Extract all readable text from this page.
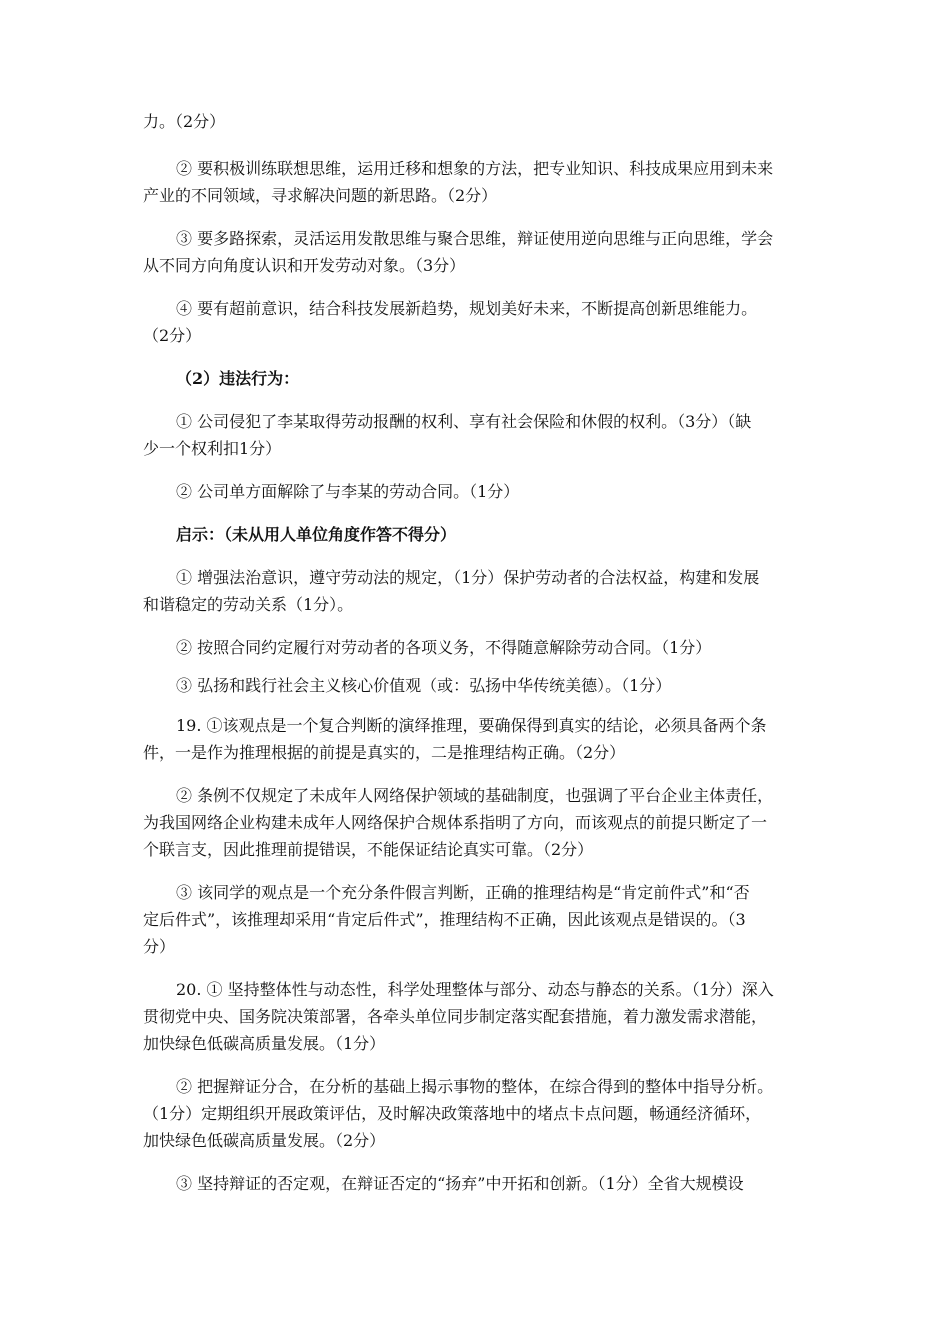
力。（2分）
② 要积极训练联想思维，运用迁移和想象的方法，把专业知识、科技成果应用到未来
产业的不同领域，寻求解决问题的新思路。（2分）
③ 要多路探索，灵活运用发散思维与聚合思维，辩证使用逆向思维与正向思维，学会
从不同方向角度认识和开发劳动对象。（3分）
④ 要有超前意识，结合科技发展新趋势，规划美好未来，不断提高创新思维能力。
（2分）
（2）违法行为：
① 公司侵犯了李某取得劳动报酬的权利、享有社会保险和休假的权利。（3分）（缺
少一个权利扣1分）
② 公司单方面解除了与李某的劳动合同。（1分）
启示：（未从用人单位角度作答不得分）
① 增强法治意识，遵守劳动法的规定，（1分）保护劳动者的合法权益，构建和发展
和谐稳定的劳动关系（1分）。
② 按照合同约定履行对劳动者的各项义务，不得随意解除劳动合同。（1分）
③ 弘扬和践行社会主义核心价值观（或：弘扬中华传统美德）。（1分）
19. ①该观点是一个复合判断的演绎推理，要确保得到真实的结论，必须具备两个条
件，一是作为推理根据的前提是真实的，二是推理结构正确。（2分）
② 条例不仅规定了未成年人网络保护领域的基础制度，也强调了平台企业主体责任，
为我国网络企业构建未成年人网络保护合规体系指明了方向，而该观点的前提只断定了一
个联言支，因此推理前提错误，不能保证结论真实可靠。（2分）
③ 该同学的观点是一个充分条件假言判断，正确的推理结构是“肯定前件式”和“否
定后件式”，该推理却采用“肯定后件式”，推理结构不正确，因此该观点是错误的。（3
分）
20. ① 坚持整体性与动态性，科学处理整体与部分、动态与静态的关系。（1分）深入
贯彻党中央、国务院决策部署，各牵头单位同步制定落实配套措施，着力激发需求潜能，
加快绿色低碳高质量发展。（1分）
② 把握辩证分合，在分析的基础上揭示事物的整体，在综合得到的整体中指导分析。
（1分）定期组织开展政策评估，及时解决政策落地中的堵点卡点问题，畅通经济循环，
加快绿色低碳高质量发展。（2分）
③ 坚持辩证的否定观，在辩证否定的“扬弃”中开拓和创新。（1分）全省大规模设
